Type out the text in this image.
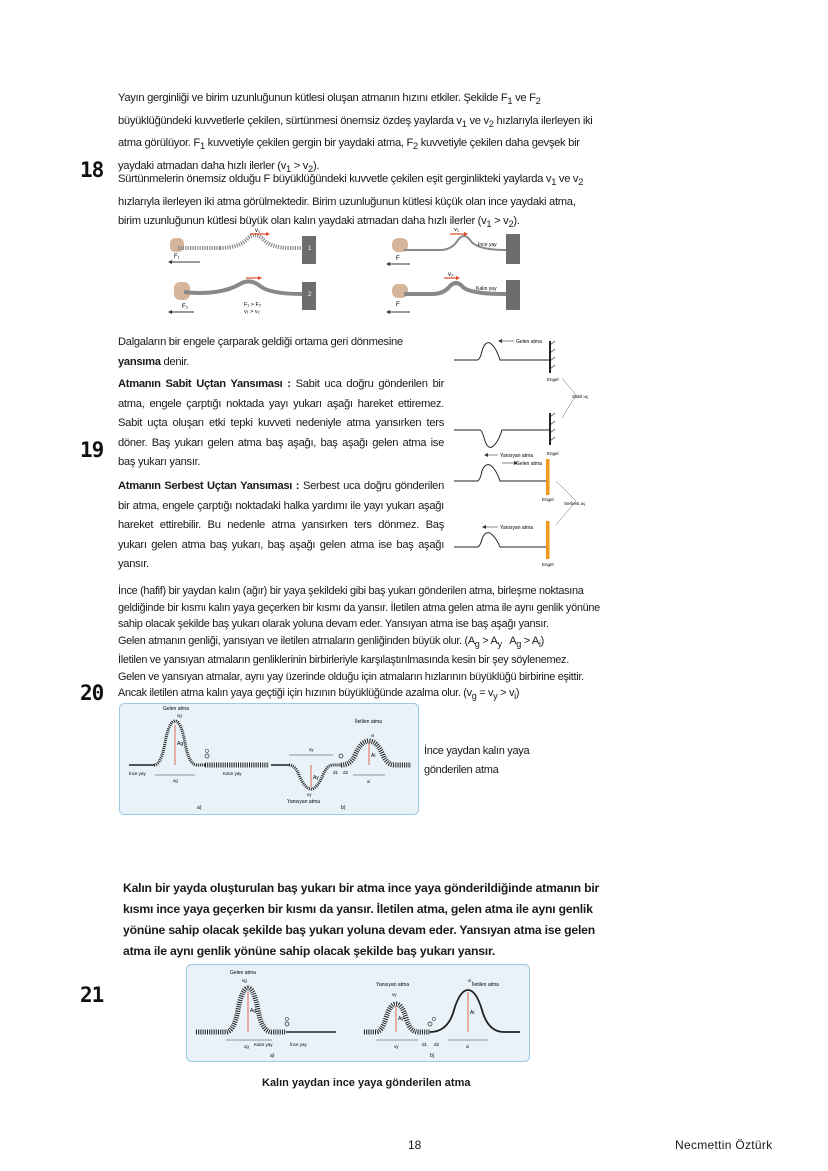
18

Yayın gerginliği ve birim uzunluğunun kütlesi oluşan atmanın hızını etkiler. Şekilde $F_1$ ve $F_2$ büyüklüğündeki kuvvetlerle çekilen, sürtünmesi önemsiz özdeş yaylarda $v_1$ ve $v_2$ hızlarıyla ilerleyen iki atma görülüyor. $F_1$ kuvvetiyle çekilen gergin bir yaydaki atma, $F_2$ kuvvetiyle çekilen daha gevşek bir yaydaki atmadan daha hızlı ilerler $(v_1 > v_2)$.

Sürtünmelerin önemsiz olduğu F büyüklüğündeki kuvvetle çekilen eşit gerginlikteki yaylarda $v_1$ ve $v_2$ hızlarıyla ilerleyen iki atma görülmektedir. Birim uzunluğunun kütlesi küçük olan ince yaydaki atma, birim uzunluğunun kütlesi büyük olan kalın yaydaki atmadan daha hızlı ilerler $(v_1 > v_2)$.

F₁
v₁
1
F₂	F₁ > F₂
v₁ > v₂
2
v₁
İnce yay
F
v₂
Kalın yay
F
19

Dalgaların bir engele çarparak geldiği ortama geri dönmesine yansıma denir.

Atmanın Sabit Uçtan Yansıması : Sabit uca doğru gönderilen bir atma, engele çarptığı noktada yayı yukarı aşağı hareket ettiremez. Sabit uçta oluşan etki tepki kuvveti nedeniyle atma yansırken ters döner. Baş yukarı gelen atma baş aşağı, baş aşağı gelen atma ise baş yukarı yansır.

Atmanın Serbest Uçtan Yansıması : Serbest uca doğru gönderilen bir atma, engele çarptığı noktadaki halka yardımı ile yayı yukarı aşağı hareket ettirebilir. Bu nedenle atma yansırken ters dönmez. Baş yukarı gelen atma baş yukarı, baş aşağı gelen atma ise baş aşağı yansır.

Gelen atma
Engel
Yansıyan atma	Engel
Sabit uç
Gelen atma
Engel
Yansıyan atma
Engel
Serbest uç
20
İnce (hafif) bir yaydan kalın (ağır) bir yaya şekildeki gibi baş yukarı gönderilen atma, birleşme noktasına geldiğinde bir kısmı kalın yaya geçerken bir kısmı da yansır. İletilen atma gelen atma ile aynı genlik yönüne sahip olacak şekilde baş yukarı olarak yoluna devam eder. Yansıyan atma ise baş aşağı yansır.
Gelen atmanın genliği, yansıyan ve iletilen atmaların genliğinden büyük olur. ($A_g > A_y$ $A_g > A_i$)
İletilen ve yansıyan atmaların genliklerinin birbirleriyle karşılaştırılmasında kesin bir şey söylenemez.
Gelen ve yansıyan atmalar, aynı yay üzerinde olduğu için atmaların hızlarının büyüklüğü birbirine eşittir.
Ancak iletilen atma kalın yaya geçtiği için hızının büyüklüğünde azalma olur. $(v_g = v_y > v_i)$
Gelen atma
Ag
vg
xg
O
İnce yay	Kalın yay
a)
İletilen atma
Yansıyan atma
Ay
Ai
vy
vi
xy
xi
d1 d2
b)
İnce yaydan kalın yaya
gönderilen atma
21

Kalın bir yayda oluşturulan baş yukarı bir atma ince yaya gönderildiğinde atmanın bir kısmı ince yaya geçerken bir kısmı da yansır. İletilen atma, gelen atma ile aynı genlik yönüne sahip olacak şekilde baş yukarı yoluna devam eder. Yansıyan atma ise gelen atma ile aynı genlik yönüne sahip olacak şekilde baş yukarı yansır.

Gelen atma
Ag
vg
xg
O
Kalın yay	İnce yay
a)
Yansıyan atma	İletilen atma
Ay
Ai
vy
vi
xy	xi
d1 d2
O
b)
Kalın yaydan ince yaya gönderilen atma
18	Necmettin Öztürk
